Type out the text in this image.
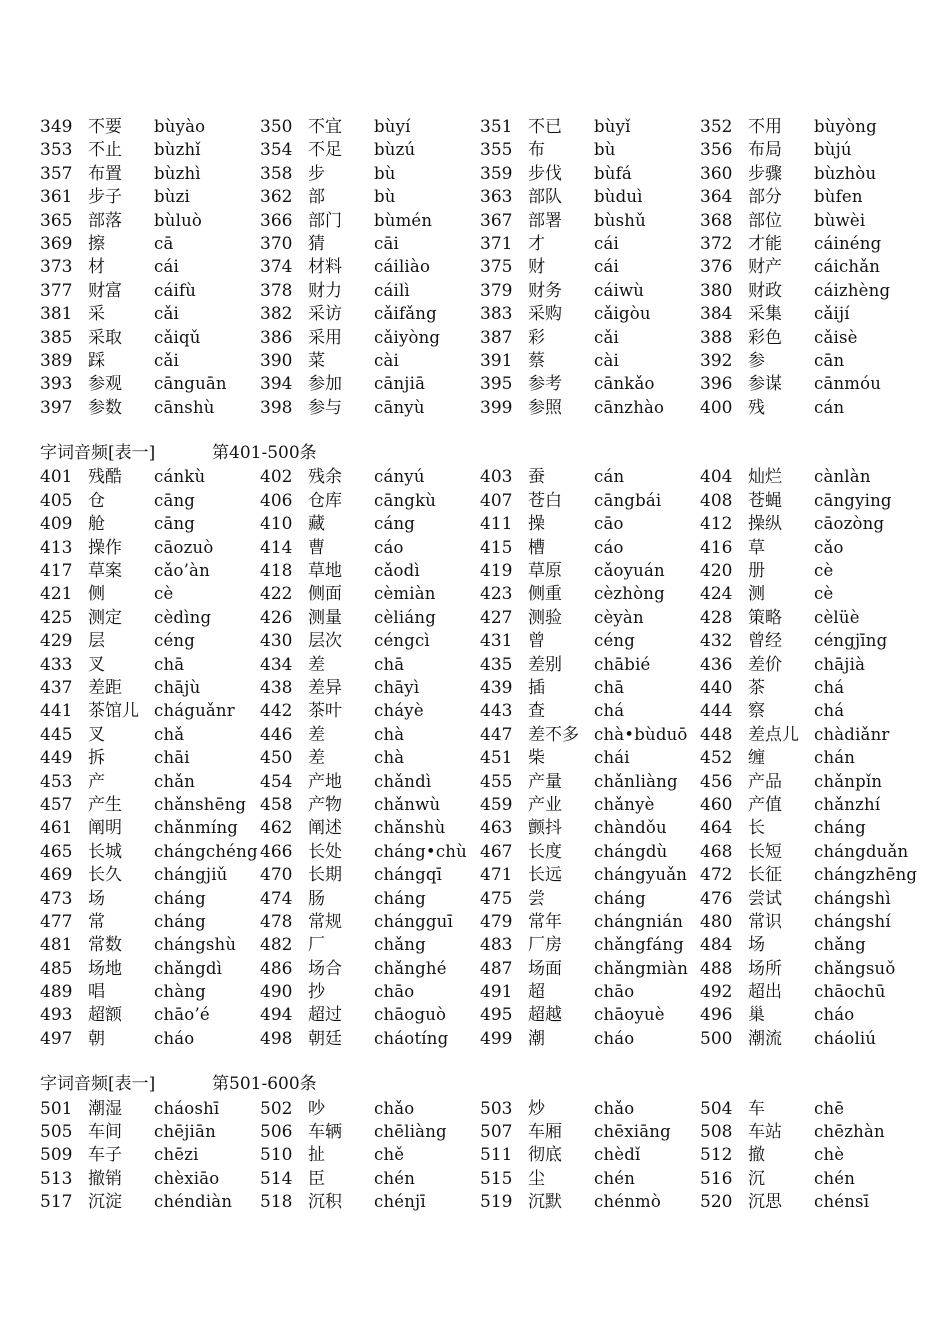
349 不要 bùyào	350 不宜 bùyí	351 不已 bùyǐ	352 不用 bùyòng
353 不止 bùzhǐ	354 不足 bùzú	355 布	bù	356 布局 bùjú
357 布置 bùzhì	358 步	bù	359 步伐 bùfá	360 步骤 bùzhòu
361 步子 bùzi	362 部	bù	363 部队 bùduì	364 部分 bùfen
365 部落 bùluò	366 部门 bùmén	367 部署 bùshǔ	368 部位 bùwèi
369 擦	cā	370 猜	cāi	371 才	cái	372 才能 cáinéng
373 材	cái	374 材料 cáiliào	375 财	cái	376 财产 cáichǎn
377 财富 cáifù	378 财力 cáilì	379 财务 cáiwù	380 财政 cáizhèng
381 采	cǎi	382 采访 cǎifǎng	383 采购 cǎigòu	384 采集 cǎijí
385 采取 cǎiqǔ	386 采用 cǎiyòng 387 彩	cǎi	388 彩色 cǎisè
389 踩	cǎi	390 菜	cài	391 蔡	cài	392 参	cān
393 参观 cānguān 394 参加 cānjiā	395 参考 cānkǎo	396 参谋 cānmóu
397 参数 cānshù	398 参与 cānyù	399 参照 cānzhào 400 残	cán
字词音频[表一]	第401-500条
401 残酷 cánkù	402 残余 cányú	403 蚕	cán	404 灿烂 cànlàn
405 仓	cāng	406 仓库 cāngkù	407 苍白 cāngbái 408 苍蝇 cāngying
409 舱	cāng	410 藏	cáng	411 操	cāo	412 操纵 cāozòng
413 操作 cāozuò	414 曹	cáo	415 槽	cáo	416 草	cǎo
417 草案 cǎo’àn	418 草地 cǎodì	419 草原 cǎoyuán 420 册	cè
421 侧	cè	422 侧面 cèmiàn	423 侧重 cèzhòng 424 测	cè
425 测定 cèdìng	426 测量 cèliáng	427 测验 cèyàn	428 策略 cèlüè
429 层	céng	430 层次 céngcì	431 曾	céng	432 曾经 céngjīng
433 叉	chā	434 差	chā	435 差别 chābié	436 差价 chājià
437 差距 chājù	438 差异 chāyì	439 插	chā	440 茶	chá
441 茶馆儿 cháguǎnr 442 茶叶 cháyè	443 查	chá	444 察	chá
445 叉	chǎ	446 差	chà	447 差不多 chà•bùduō 448 差点儿 chàdiǎnr
449 拆	chāi	450 差	chà	451 柴	chái	452 缠	chán
453 产	chǎn	454 产地 chǎndì	455 产量 chǎnliàng 456 产品 chǎnpǐn
457 产生 chǎnshēng 458 产物 chǎnwù 459 产业 chǎnyè	460 产值 chǎnzhí
461 阐明 chǎnmíng 462 阐述 chǎnshù 463 颤抖 chàndǒu 464 长	cháng
465 长城 chángchéng 466 长处 cháng•chù 467 长度 chángdù 468 长短 chángduǎn
469 长久 chángjiǔ 470 长期 chángqī 471 长远 chángyuǎn 472 长征 chángzhēng
473 场	cháng	474 肠	cháng	475 尝	cháng	476 尝试 chángshì
477 常	cháng	478 常规 chángguī 479 常年 chángnián 480 常识 chángshí
481 常数 chángshù 482 厂	chǎng	483 厂房 chǎngfáng 484 场	chǎng
485 场地 chǎngdì 486 场合 chǎnghé 487 场面 chǎngmiàn 488 场所 chǎngsuǒ
489 唱	chàng	490 抄	chāo	491 超	chāo	492 超出 chāochū
493 超额 chāo’é	494 超过 chāoguò 495 超越 chāoyuè 496 巢	cháo
497 朝	cháo	498 朝廷 cháotíng 499 潮	cháo	500 潮流 cháoliú
字词音频[表一]	第501-600条
501 潮湿 cháoshī 502 吵	chǎo	503 炒	chǎo	504 车	chē
505 车间 chējiān	506 车辆 chēliàng 507 车厢 chēxiāng 508 车站 chēzhàn
509 车子 chēzi	510 扯	chě	511 彻底 chèdǐ	512 撤	chè
513 撤销 chèxiāo 514 臣	chén	515 尘	chén	516 沉	chén
517 沉淀 chéndiàn 518 沉积 chénjī	519 沉默 chénmò 520 沉思 chénsī
